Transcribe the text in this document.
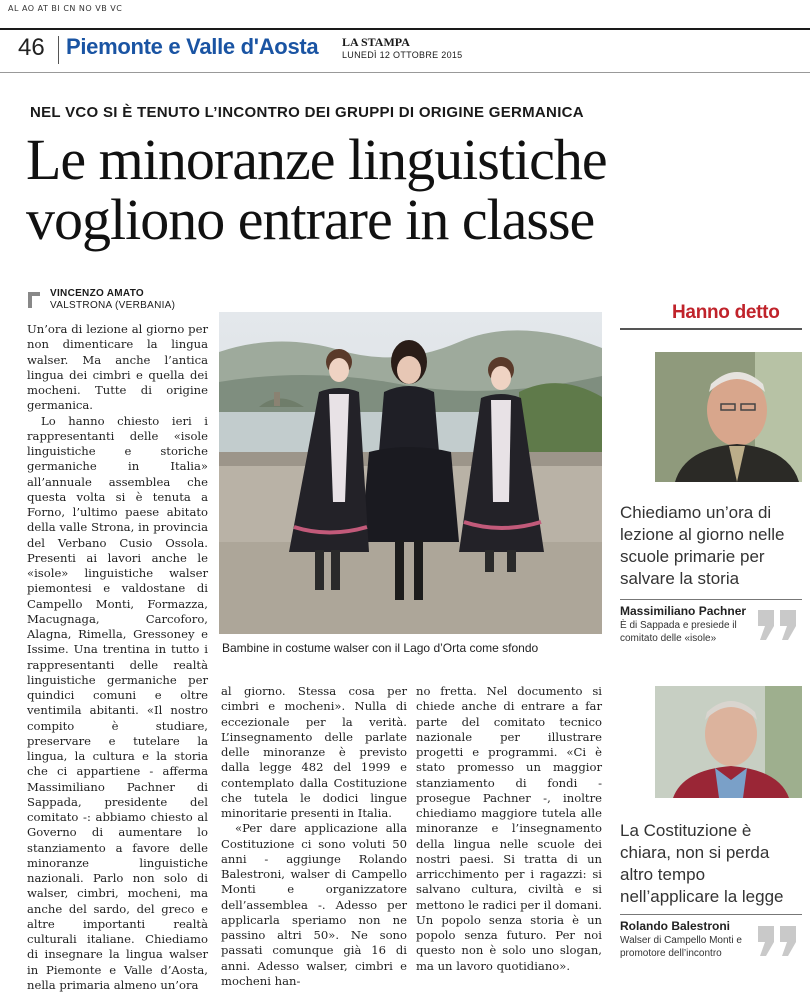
AL AO AT BI CN NO VB VC
46 Piemonte e Valle d'Aosta LA STAMPA
LUNEDÌ 12 OTTOBRE 2015
NEL VCO SI È TENUTO L’INCONTRO DEI GRUPPI DI ORIGINE GERMANICA
Le minoranze linguistiche
vogliono entrare in classe
VINCENZO AMATO
VALSTRONA (VERBANIA)

Un’ora di lezione al giorno per non dimenticare la lingua walser. Ma anche l’antica lingua dei cimbri e quella dei mocheni. Tutte di origine germanica.

Lo hanno chiesto ieri i rappresentanti delle «isole linguistiche e storiche germaniche in Italia» all’annuale assemblea che questa volta si è tenuta a Forno, l’ultimo paese abitato della valle Strona, in provincia del Verbano Cusio Ossola. Presenti ai lavori anche le «isole» linguistiche walser piemontesi e valdostane di Campello Monti, Formazza, Macugnaga, Carcoforo, Alagna, Rimella, Gressoney e Issime. Una trentina in tutto i rappresentanti delle realtà linguistiche germaniche per quindici comuni e oltre ventimila abitanti. «Il nostro compito è studiare, preservare e tutelare la lingua, la cultura e la storia che ci appartiene - afferma Massimiliano Pachner di Sappada, presidente del comitato -: abbiamo chiesto al Governo di aumentare lo stanziamento a favore delle minoranze linguistiche nazionali. Parlo non solo di walser, cimbri, mocheni, ma anche del sardo, del greco e altre importanti realtà culturali italiane. Chiediamo di insegnare la lingua walser in Piemonte e Valle d’Aosta, nella primaria almeno un’ora

Bambine in costume walser con il Lago d’Orta come sfondo

al giorno. Stessa cosa per cimbri e mocheni». Nulla di eccezionale per la verità. L’insegnamento delle parlate delle minoranze è previsto dalla legge 482 del 1999 e contemplato dalla Costituzione che tutela le dodici lingue minoritarie presenti in Italia.

«Per dare applicazione alla Costituzione ci sono voluti 50 anni - aggiunge Rolando Balestroni, walser di Campello Monti e organizzatore dell’assemblea -. Adesso per applicarla speriamo non ne passino altri 50». Ne sono passati comunque già 16 di anni. Adesso walser, cimbri e mocheni han-

no fretta. Nel documento si chiede anche di entrare a far parte del comitato tecnico nazionale per illustrare progetti e programmi. «Ci è stato promesso un maggior stanziamento di fondi - prosegue Pachner -, inoltre chiediamo maggiore tutela alle minoranze e l’insegnamento della lingua nelle scuole dei nostri paesi. Si tratta di un arricchimento per i ragazzi: si salvano cultura, civiltà e si mettono le radici per il domani. Un popolo senza storia è un popolo senza futuro. Per noi questo non è solo uno slogan, ma un lavoro quotidiano».

Hanno detto
Chiediamo un’ora di lezione al giorno nelle scuole primarie per salvare la storia
Massimiliano Pachner
È di Sappada e presiede il comitato delle «isole»
La Costituzione è chiara, non si perda altro tempo nell’applicare la legge
Rolando Balestroni
Walser di Campello Monti e promotore dell’incontro
